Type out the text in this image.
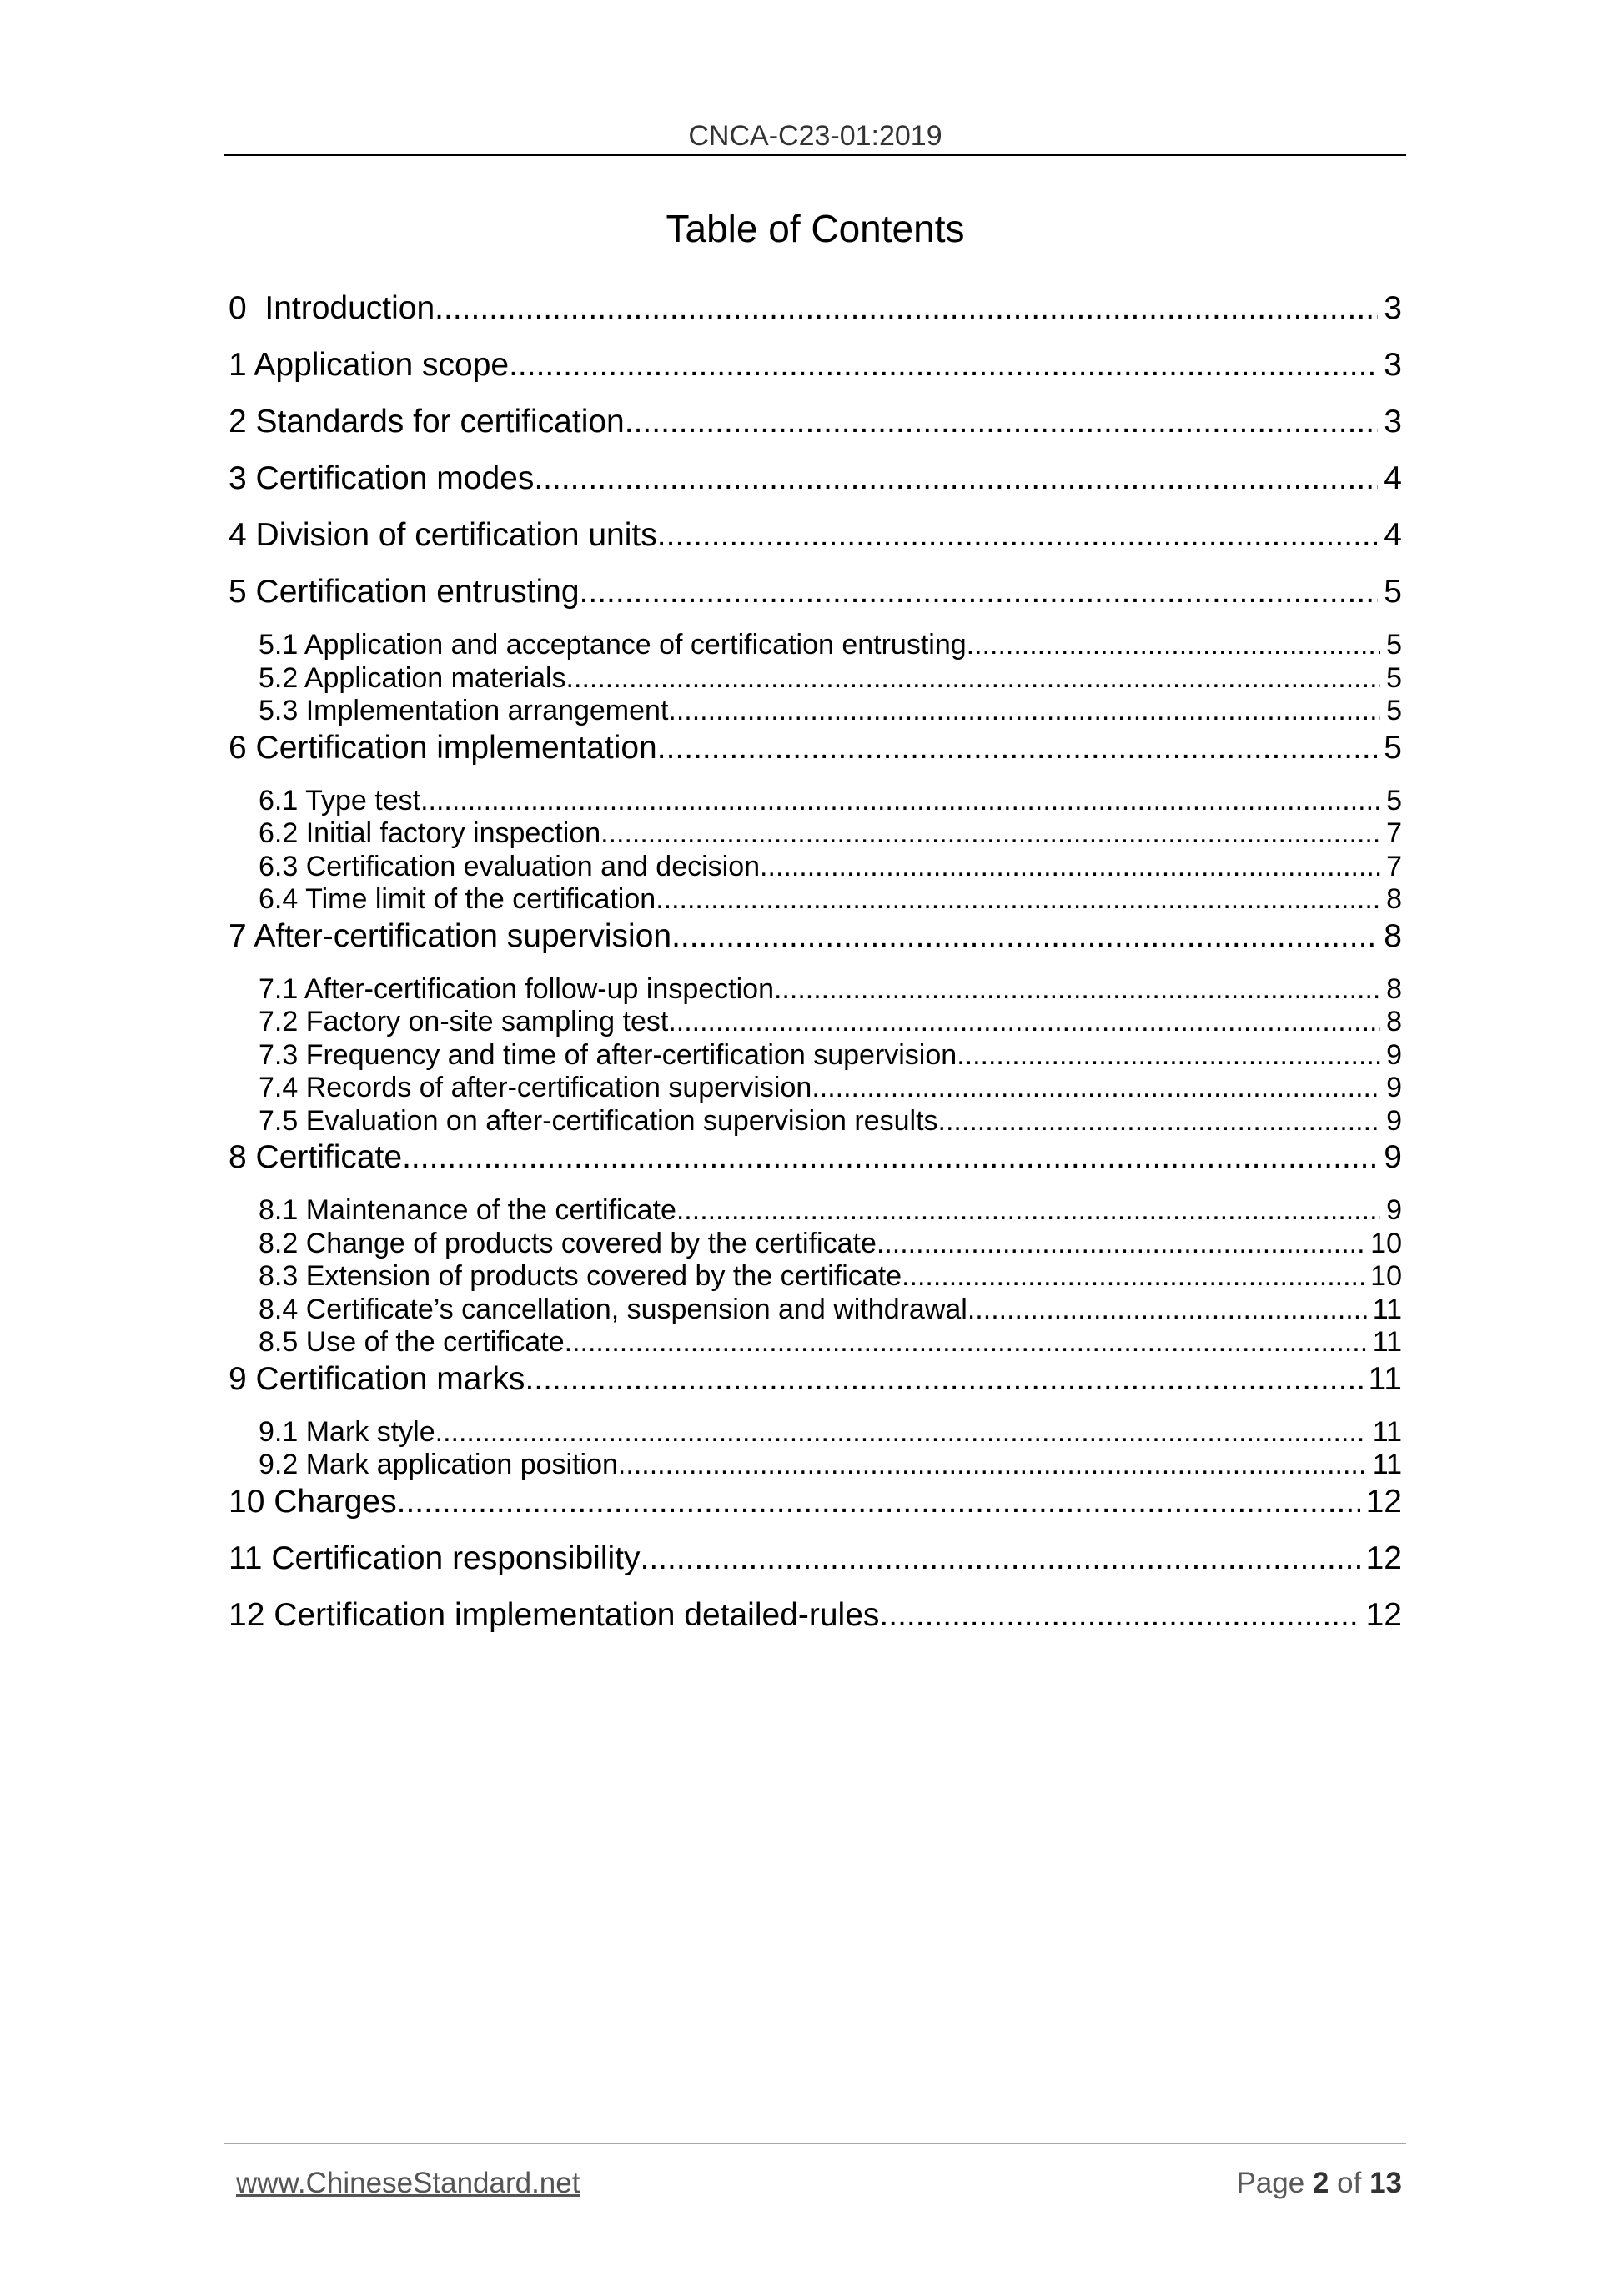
CNCA-C23-01:2019
Table of Contents
0  Introduction .....	3
1 Application scope .....	3
2 Standards for certification .....	3
3 Certification modes .....	4
4 Division of certification units .....	4
5 Certification entrusting .....	5
5.1 Application and acceptance of certification entrusting .....	5
5.2 Application materials .....	5
5.3 Implementation arrangement .....	5
6 Certification implementation .....	5
6.1 Type test .....	5
6.2 Initial factory inspection .....	7
6.3 Certification evaluation and decision .....	7
6.4 Time limit of the certification .....	8
7 After-certification supervision .....	8
7.1 After-certification follow-up inspection .....	8
7.2 Factory on-site sampling test .....	8
7.3 Frequency and time of after-certification supervision .....	9
7.4 Records of after-certification supervision .....	9
7.5 Evaluation on after-certification supervision results .....	9
8 Certificate .....	9
8.1 Maintenance of the certificate .....	9
8.2 Change of products covered by the certificate .....	10
8.3 Extension of products covered by the certificate .....	10
8.4 Certificate’s cancellation, suspension and withdrawal .....	11
8.5 Use of the certificate .....	11
9 Certification marks .....	11
9.1 Mark style .....	11
9.2 Mark application position .....	11
10 Charges .....	12
11 Certification responsibility .....	12
12 Certification implementation detailed-rules .....	12
www.ChineseStandard.net	Page 2 of 13
